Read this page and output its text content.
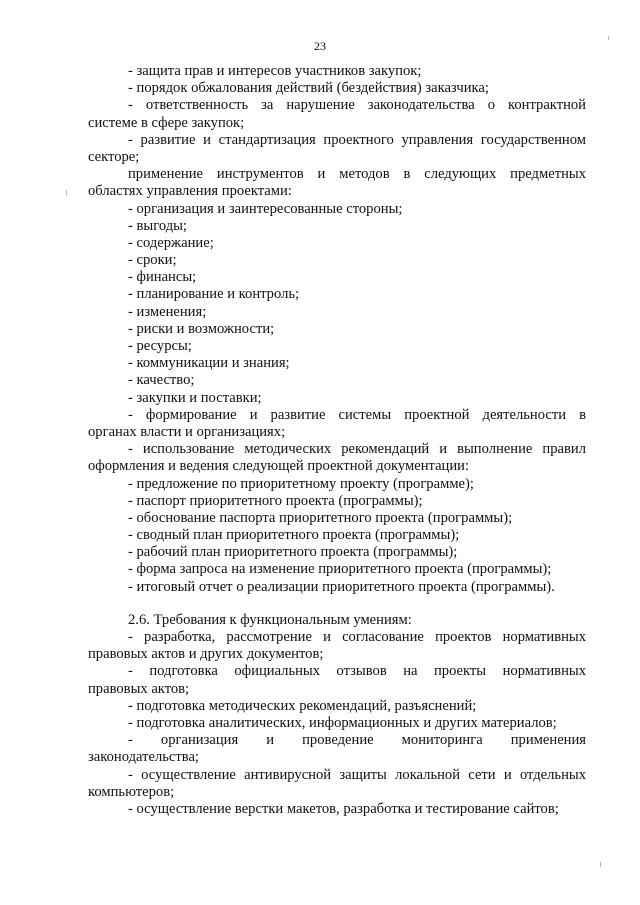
23
- защита прав и интересов участников закупок;
- порядок обжалования действий (бездействия) заказчика;
- ответственность за нарушение законодательства о контрактной
системе в сфере закупок;
- развитие и стандартизация проектного управления государственном
секторе;
применение инструментов и методов в следующих предметных
областях управления проектами:
- организация и заинтересованные стороны;
- выгоды;
- содержание;
- сроки;
- финансы;
- планирование и контроль;
- изменения;
- риски и возможности;
- ресурсы;
- коммуникации и знания;
- качество;
- закупки и поставки;
- формирование и развитие системы проектной деятельности в
органах власти и организациях;
- использование методических рекомендаций и выполнение правил
оформления и ведения следующей проектной документации:
- предложение по приоритетному проекту (программе);
- паспорт приоритетного проекта (программы);
- обоснование паспорта приоритетного проекта (программы);
- сводный план приоритетного проекта (программы);
- рабочий план приоритетного проекта (программы);
- форма запроса на изменение приоритетного проекта (программы);
- итоговый отчет о реализации приоритетного проекта (программы).
2.6. Требования к функциональным умениям:
- разработка, рассмотрение и согласование проектов нормативных
правовых актов и других документов;
- подготовка официальных отзывов на проекты нормативных
правовых актов;
- подготовка методических рекомендаций, разъяснений;
- подготовка аналитических, информационных и других материалов;
- организация и проведение мониторинга применения
законодательства;
- осуществление антивирусной защиты локальной сети и отдельных
компьютеров;
- осуществление верстки макетов, разработка и тестирование сайтов;
